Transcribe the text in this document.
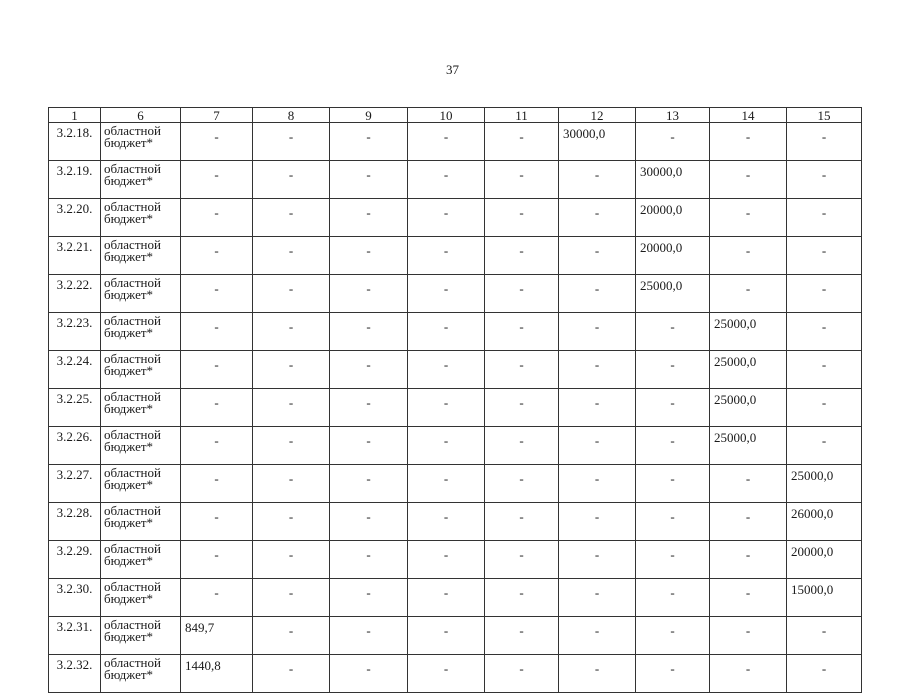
37
1	6	7	8	9	10	11	12	13	14	15
3.2.18.	областной бюджет*	-	-	-	-	-	30000,0	-	-	-
3.2.19.	областной бюджет*	-	-	-	-	-	-	30000,0	-	-
3.2.20.	областной бюджет*	-	-	-	-	-	-	20000,0	-	-
3.2.21.	областной бюджет*	-	-	-	-	-	-	20000,0	-	-
3.2.22.	областной бюджет*	-	-	-	-	-	-	25000,0	-	-
3.2.23.	областной бюджет*	-	-	-	-	-	-	-	25000,0	-
3.2.24.	областной бюджет*	-	-	-	-	-	-	-	25000,0	-
3.2.25.	областной бюджет*	-	-	-	-	-	-	-	25000,0	-
3.2.26.	областной бюджет*	-	-	-	-	-	-	-	25000,0	-
3.2.27.	областной бюджет*	-	-	-	-	-	-	-	-	25000,0
3.2.28.	областной бюджет*	-	-	-	-	-	-	-	-	26000,0
3.2.29.	областной бюджет*	-	-	-	-	-	-	-	-	20000,0
3.2.30.	областной бюджет*	-	-	-	-	-	-	-	-	15000,0
3.2.31.	областной бюджет*	849,7	-	-	-	-	-	-	-	-
3.2.32.	областной бюджет*	1440,8	-	-	-	-	-	-	-	-
